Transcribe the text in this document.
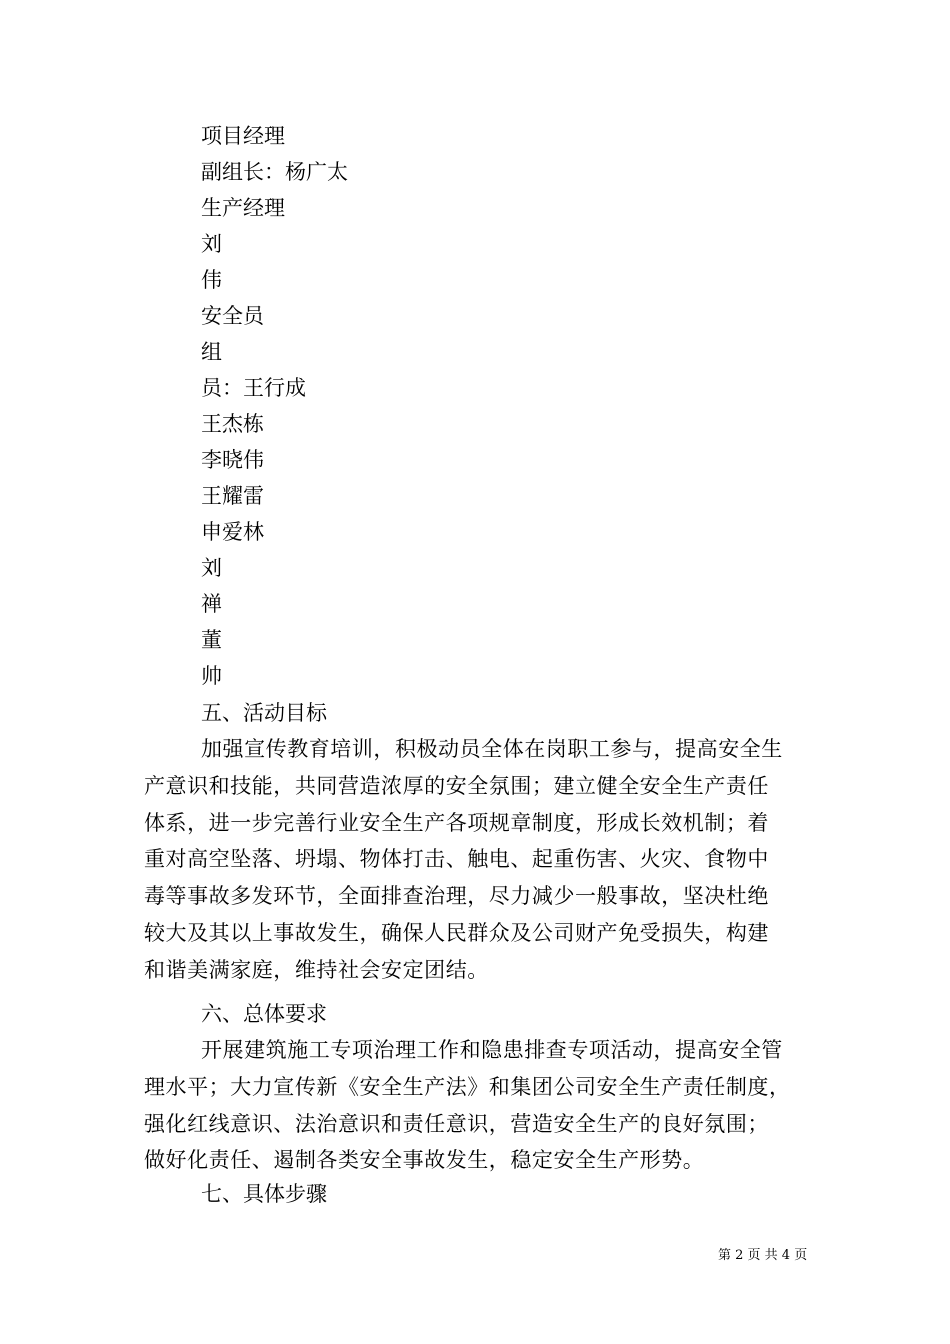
项目经理
副组长：杨广太
生产经理
刘
伟
安全员
组
员：王行成
王杰栋
李晓伟
王耀雷
申爱林
刘
禅
董
帅
五、活动目标
加强宣传教育培训，积极动员全体在岗职工参与，提高安全生
产意识和技能，共同营造浓厚的安全氛围；建立健全安全生产责任
体系，进一步完善行业安全生产各项规章制度，形成长效机制；着
重对高空坠落、坍塌、物体打击、触电、起重伤害、火灾、食物中
毒等事故多发环节，全面排查治理，尽力减少一般事故，坚决杜绝
较大及其以上事故发生，确保人民群众及公司财产免受损失，构建
和谐美满家庭，维持社会安定团结。
六、总体要求
开展建筑施工专项治理工作和隐患排查专项活动，提高安全管
理水平；大力宣传新《安全生产法》和集团公司安全生产责任制度，
强化红线意识、法治意识和责任意识，营造安全生产的良好氛围；
做好化责任、遏制各类安全事故发生，稳定安全生产形势。
七、具体步骤
第 2 页 共 4 页
